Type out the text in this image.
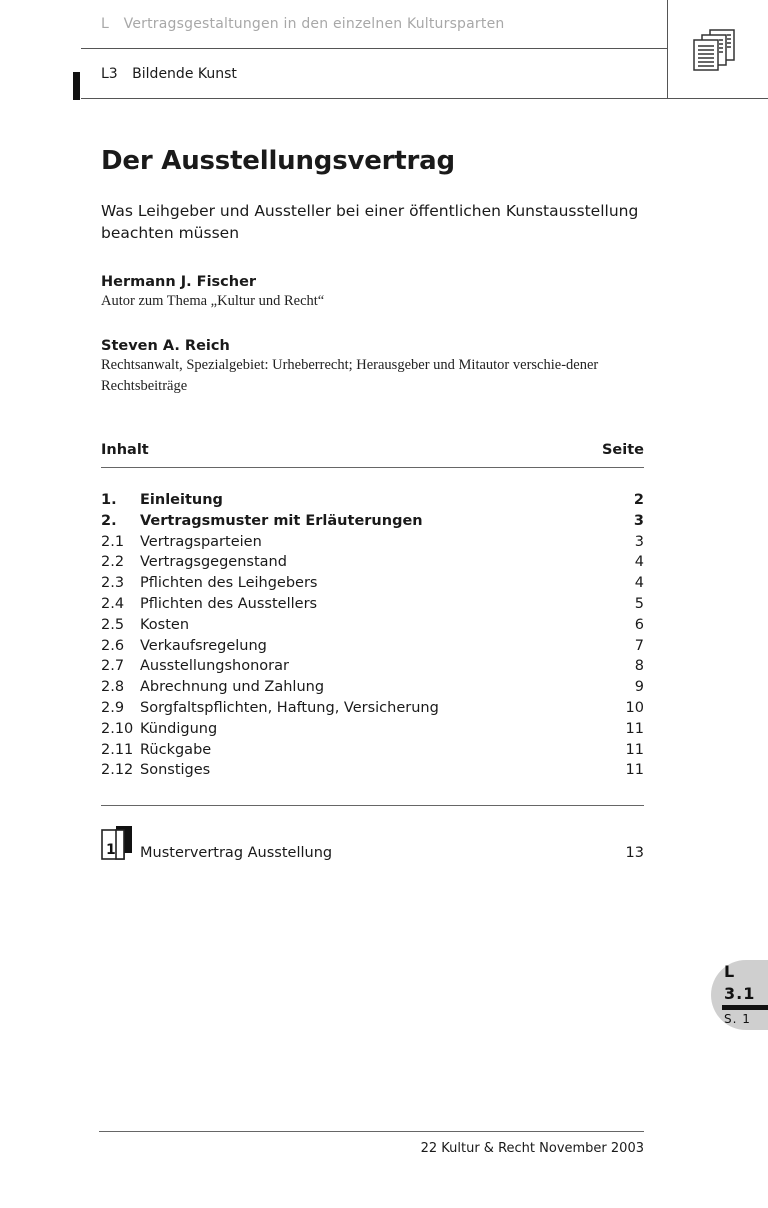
L Vertragsgestaltungen in den einzelnen Kultursparten
L3 Bildende Kunst
Der Ausstellungsvertrag
Was Leihgeber und Aussteller bei einer öffentlichen Kunstausstellung beachten müssen
Hermann J. Fischer
Autor zum Thema „Kultur und Recht“
Steven A. Reich
Rechtsanwalt, Spezialgebiet: Urheberrecht; Herausgeber und Mitautor verschie-dener Rechtsbeiträge
Inhalt	Seite
1. Einleitung	2
2. Vertragsmuster mit Erläuterungen	3
2.1 Vertragsparteien	3
2.2 Vertragsgegenstand	4
2.3 Pflichten des Leihgebers	4
2.4 Pflichten des Ausstellers	5
2.5 Kosten	6
2.6 Verkaufsregelung	7
2.7 Ausstellungshonorar	8
2.8 Abrechnung und Zahlung	9
2.9 Sorgfaltspflichten, Haftung, Versicherung	10
2.10 Kündigung	11
2.11 Rückgabe	11
2.12 Sonstiges	11
1 Mustervertrag Ausstellung	13
L
3.1
S. 1
22 Kultur & Recht November 2003
